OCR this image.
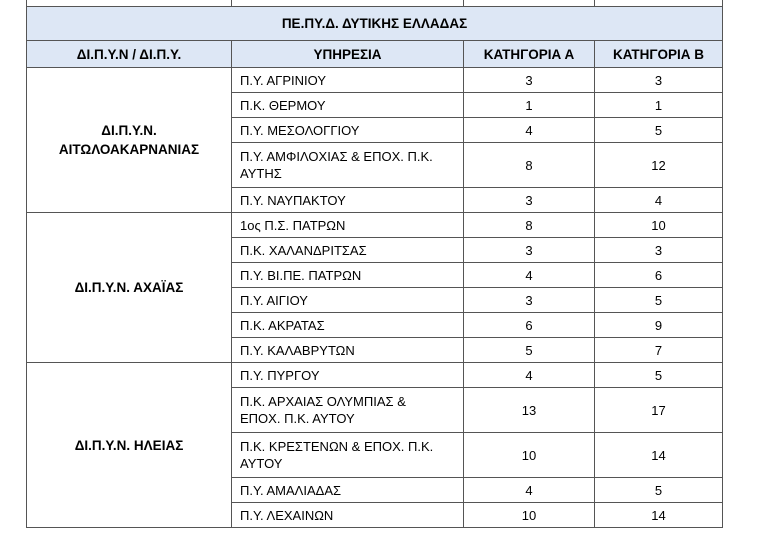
ΠΕ.ΠΥ.Δ. ΔΥΤΙΚΗΣ ΕΛΛΑΔΑΣ			
ΔΙ.Π.Υ.Ν / ΔΙ.Π.Υ.	ΥΠΗΡΕΣΙΑ	ΚΑΤΗΓΟΡΙΑ Α	ΚΑΤΗΓΟΡΙΑ Β
ΔΙ.Π.Υ.Ν.
ΑΙΤΩΛΟΑΚΑΡΝΑΝΙΑΣ	Π.Υ. ΑΓΡΙΝΙΟΥ	3	3
	Π.Κ. ΘΕΡΜΟΥ	1	1
	Π.Υ. ΜΕΣΟΛΟΓΓΙΟΥ	4	5
	Π.Υ. ΑΜΦΙΛΟΧΙΑΣ & ΕΠΟΧ. Π.Κ.
ΑΥΤΗΣ	8	12
	Π.Υ. ΝΑΥΠΑΚΤΟΥ	3	4
ΔΙ.Π.Υ.Ν. ΑΧΑΪΑΣ	1ος Π.Σ. ΠΑΤΡΩΝ	8	10
	Π.Κ. ΧΑΛΑΝΔΡΙΤΣΑΣ	3	3
	Π.Υ. ΒΙ.ΠΕ. ΠΑΤΡΩΝ	4	6
	Π.Υ. ΑΙΓΙΟΥ	3	5
	Π.Κ. ΑΚΡΑΤΑΣ	6	9
	Π.Υ. ΚΑΛΑΒΡΥΤΩΝ	5	7
ΔΙ.Π.Υ.Ν. ΗΛΕΙΑΣ	Π.Υ. ΠΥΡΓΟΥ	4	5
	Π.Κ. ΑΡΧΑΙΑΣ ΟΛΥΜΠΙΑΣ &
ΕΠΟΧ. Π.Κ. ΑΥΤΟΥ	13	17
	Π.Κ. ΚΡΕΣΤΕΝΩΝ & ΕΠΟΧ. Π.Κ.
ΑΥΤΟΥ	10	14
	Π.Υ. ΑΜΑΛΙΑΔΑΣ	4	5
	Π.Υ. ΛΕΧΑΙΝΩΝ	10	14
